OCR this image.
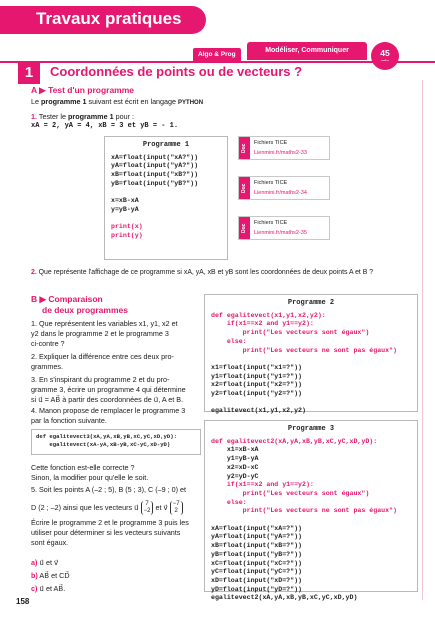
Travaux pratiques
Algo & Prog
Modéliser, Communiquer	45
1	Coordonnées de points ou de vecteurs ?
A ▶ Test d'un programme
Le programme 1 suivant est écrit en langage PYTHON
1. Tester le programme 1 pour :
xA = 2, yA = 4, xB = 3 et yB = - 1.
Programme 1
xA=float(input("xA?"))
yA=float(input("yA?"))
xB=float(input("xB?"))
yB=float(input("yB?"))

x=xB-xA
y=yB-yA

print(x)
print(y)
Doc
Fichiers TICE
Lienmini.fr/maths2-33
Doc
Fichiers TICE
Lienmini.fr/maths2-34
Doc
Fichiers TICE
Lienmini.fr/maths2-35
2. Que représente l'affichage de ce programme si xA, yA, xB et yB sont les coordonnées de deux points A et B ?
B ▶ Comparaison
de deux programmes
1. Que représentent les variables x1, y1, x2 et
y2 dans le programme 2 et le programme 3
ci-contre ?
2. Expliquer la différence entre ces deux pro-
grammes.
3. En s'inspirant du programme 2 et du pro-
gramme 3, écrire un programme 4 qui détermine
si u⃗ = AB⃗ à partir des coordonnées de u⃗, A et B.
4. Manon propose de remplacer le programme 3
par la fonction suivante.
def egalitevect3(xA,yA,xB,yB,xC,yC,xD,yD):
egalitevect(xA-yA,xB-yB,xC-yC,xD-yD)
Cette fonction est-elle correcte ?
Sinon, la modifier pour qu'elle le soit.
5. Soit les points A (–2 ; 5), B (5 ; 3), C (–9 ; 0) et
D (2 ; –2) ainsi que les vecteurs u⃗ 7
−2 et v⃗ −7
2
Écrire le programme 2 et le programme 3 puis les
utiliser pour déterminer si les vecteurs suivants
sont égaux.
a) u⃗ et v⃗
b) AB⃗ et CD⃗
c) u⃗ et AB⃗.
Programme 2
def egalitevect(x1,y1,x2,y2):
if(x1==x2 and y1==y2):
print("Les vecteurs sont égaux")
else:
print("Les vecteurs ne sont pas égaux")

x1=float(input("x1=?"))
y1=float(input("y1=?"))
x2=float(input("x2=?"))
y2=float(input("y2=?"))

egalitevect(x1,y1,x2,y2)
Programme 3
def egalitevect2(xA,yA,xB,yB,xC,yC,xD,yD):
x1=xB-xA
y1=yB-yA
x2=xD-xC
y2=yD-yC
if(x1==x2 and y1==y2):
print("Les vecteurs sont égaux")
else:
print("Les vecteurs ne sont pas égaux")

xA=float(input("xA=?"))
yA=float(input("yA=?"))
xB=float(input("xB=?"))
yB=float(input("yB=?"))
xC=float(input("xC=?"))
yC=float(input("yC=?"))
xD=float(input("xD=?"))
yD=float(input("yD=?"))
egalitevect2(xA,yA,xB,yB,xC,yC,xD,yD)
158
